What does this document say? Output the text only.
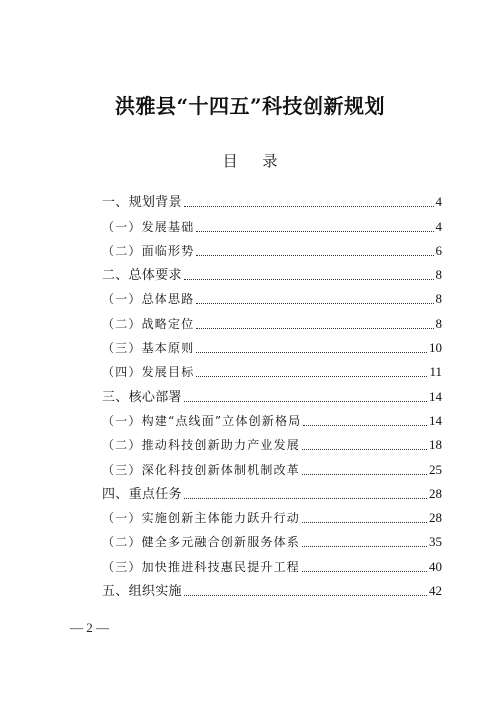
洪雅县“十四五”科技创新规划
目 录
一、规划背景	4
（一）发展基础	4
（二）面临形势	6
二、总体要求	8
（一）总体思路	8
（二）战略定位	8
（三）基本原则	10
（四）发展目标	11
三、核心部署	14
（一）构建“点线面”立体创新格局	14
（二）推动科技创新助力产业发展	18
（三）深化科技创新体制机制改革	25
四、重点任务	28
（一）实施创新主体能力跃升行动	28
（二）健全多元融合创新服务体系	35
（三）加快推进科技惠民提升工程	40
五、组织实施	42
— 2 —
